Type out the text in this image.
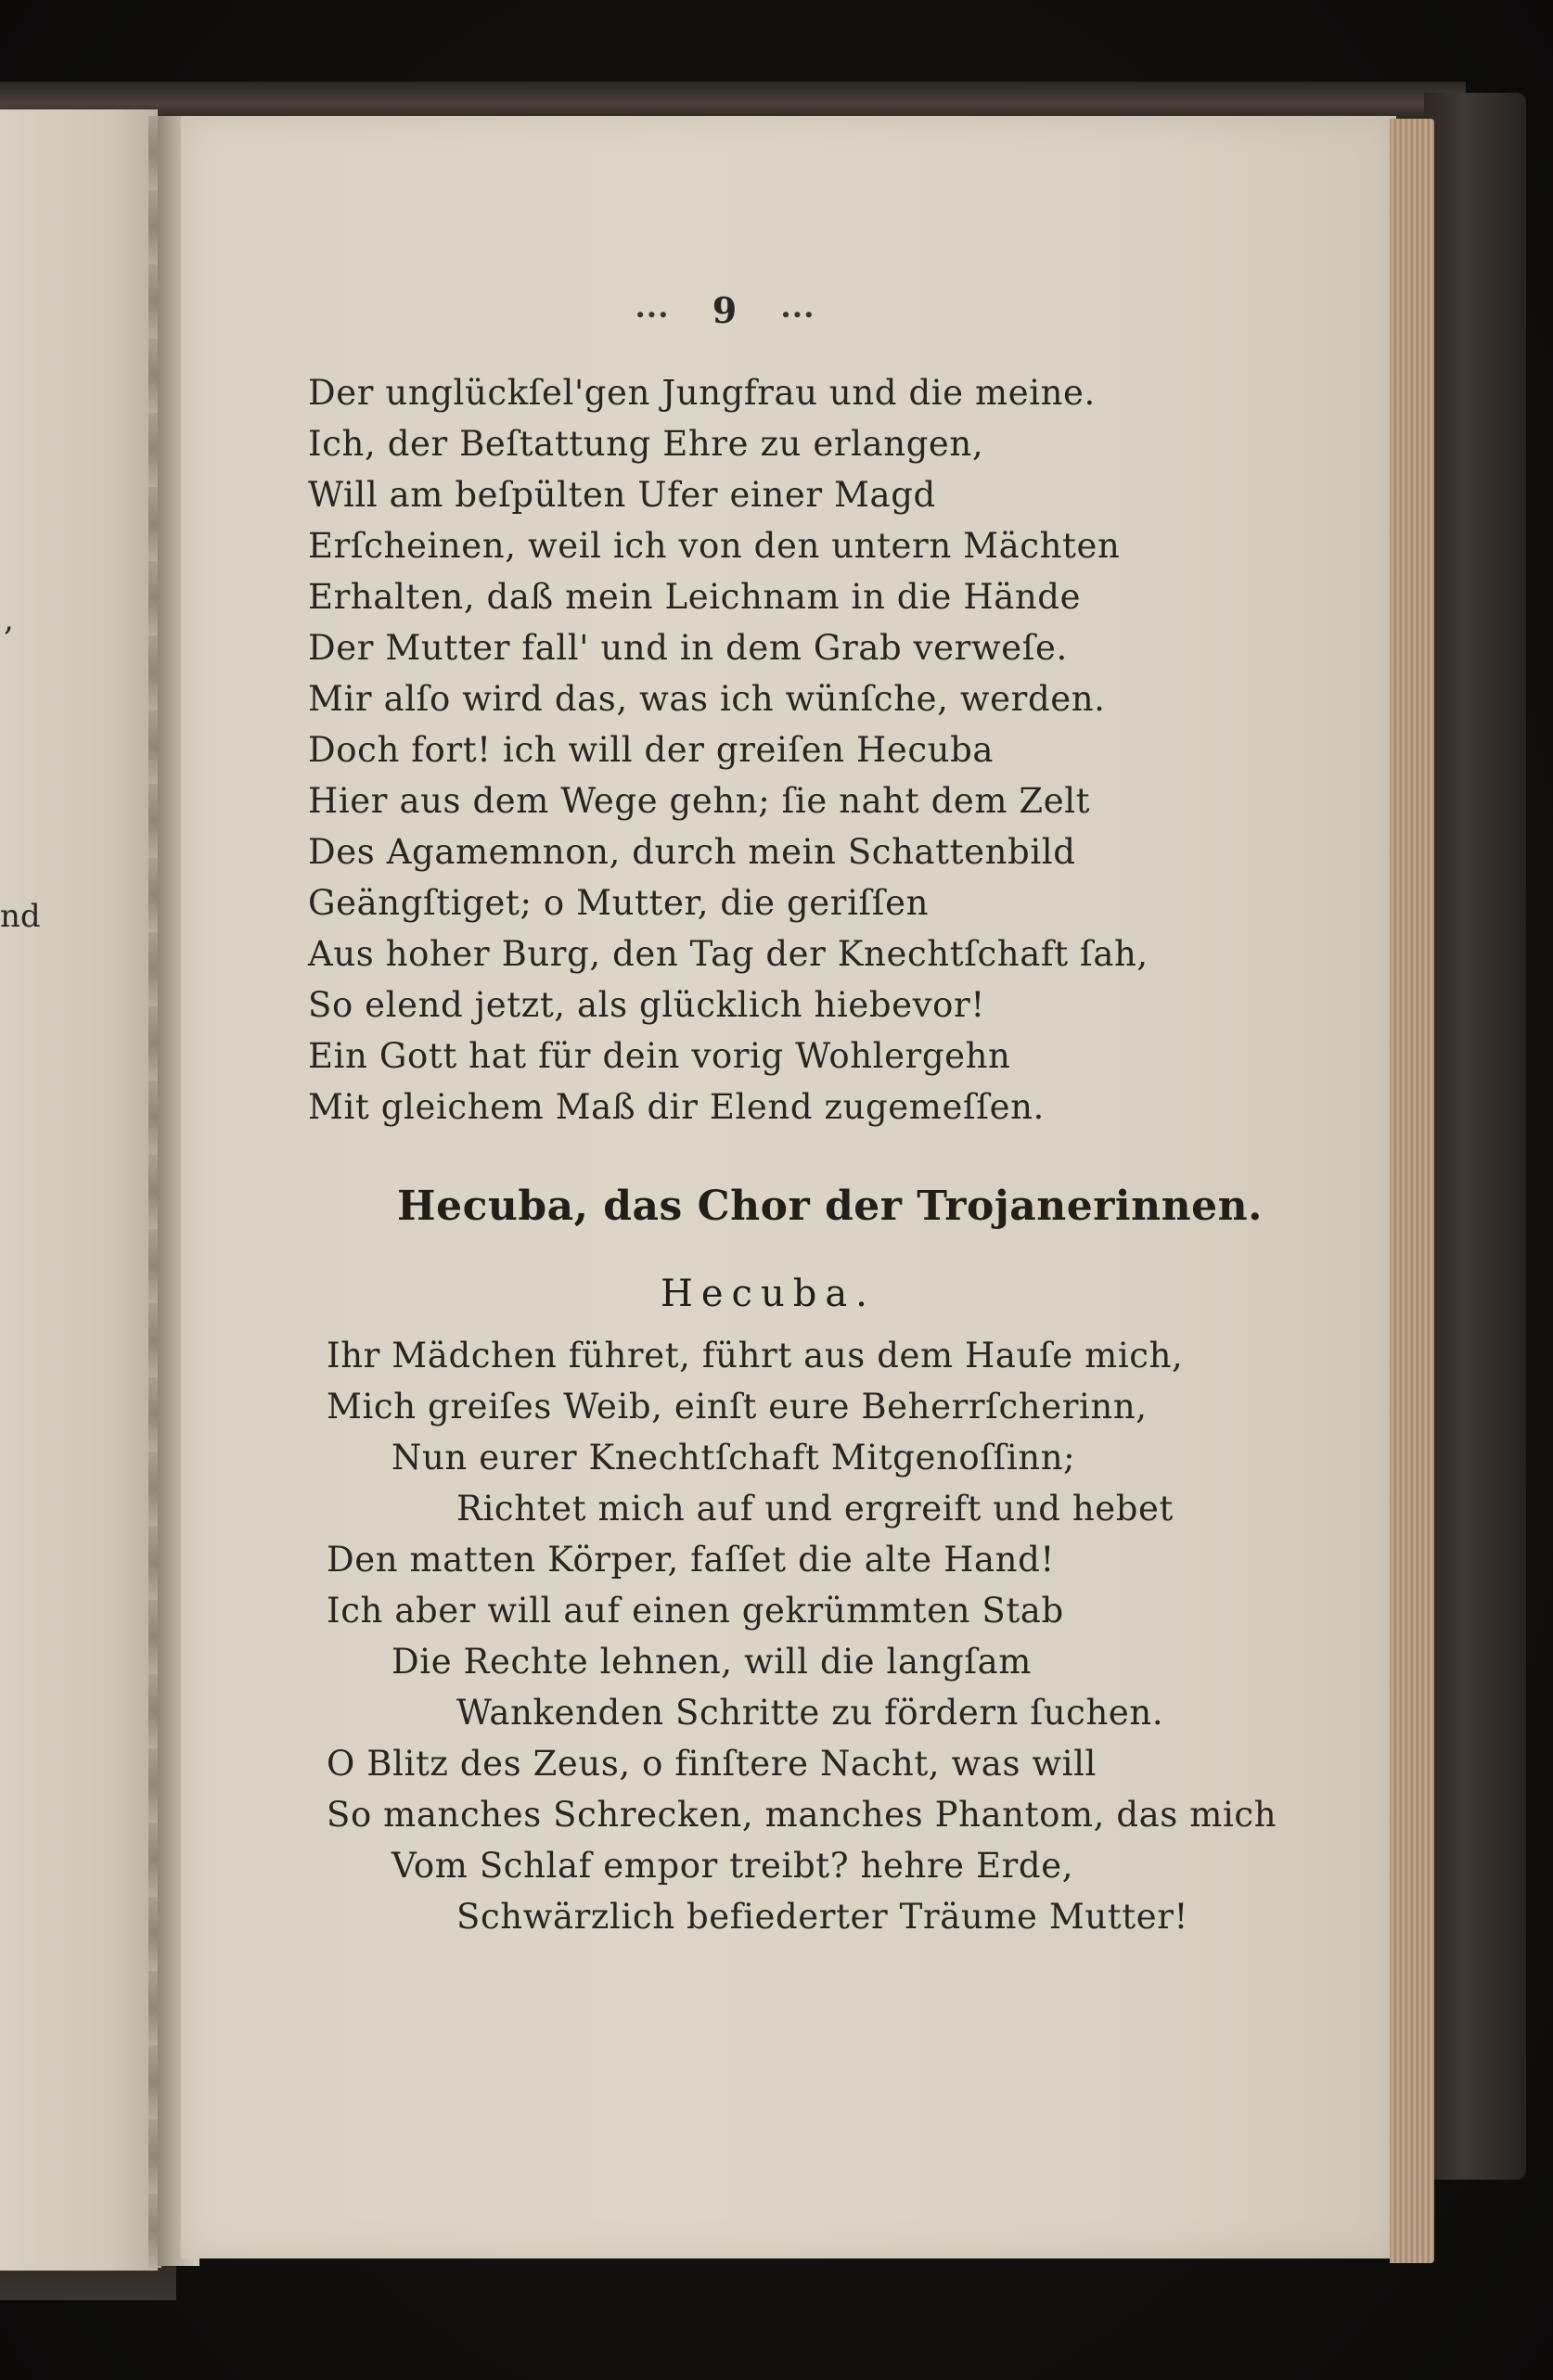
,
nd
∙∙∙ 9 ∙∙∙
Der unglückſel'gen Jungfrau und die meine.
Ich, der Beſtattung Ehre zu erlangen,
Will am beſpülten Ufer einer Magd
Erſcheinen, weil ich von den untern Mächten
Erhalten, daß mein Leichnam in die Hände
Der Mutter fall' und in dem Grab verweſe.
Mir alſo wird das, was ich wünſche, werden.
Doch fort! ich will der greiſen Hecuba
Hier aus dem Wege gehn; ſie naht dem Zelt
Des Agamemnon, durch mein Schattenbild
Geängſtiget; o Mutter, die geriſſen
Aus hoher Burg, den Tag der Knechtſchaft ſah,
So elend jetzt, als glücklich hiebevor!
Ein Gott hat für dein vorig Wohlergehn
Mit gleichem Maß dir Elend zugemeſſen.
Hecuba, das Chor der Trojanerinnen.
Hecuba.
Ihr Mädchen führet, führt aus dem Hauſe mich,
Mich greiſes Weib, einſt eure Beherrſcherinn,
Nun eurer Knechtſchaft Mitgenoſſinn;
Richtet mich auf und ergreift und hebet
Den matten Körper, faſſet die alte Hand!
Ich aber will auf einen gekrümmten Stab
Die Rechte lehnen, will die langſam
Wankenden Schritte zu fördern ſuchen.
O Blitz des Zeus, o finſtere Nacht, was will
So manches Schrecken, manches Phantom, das mich
Vom Schlaf empor treibt? hehre Erde,
Schwärzlich befiederter Träume Mutter!
